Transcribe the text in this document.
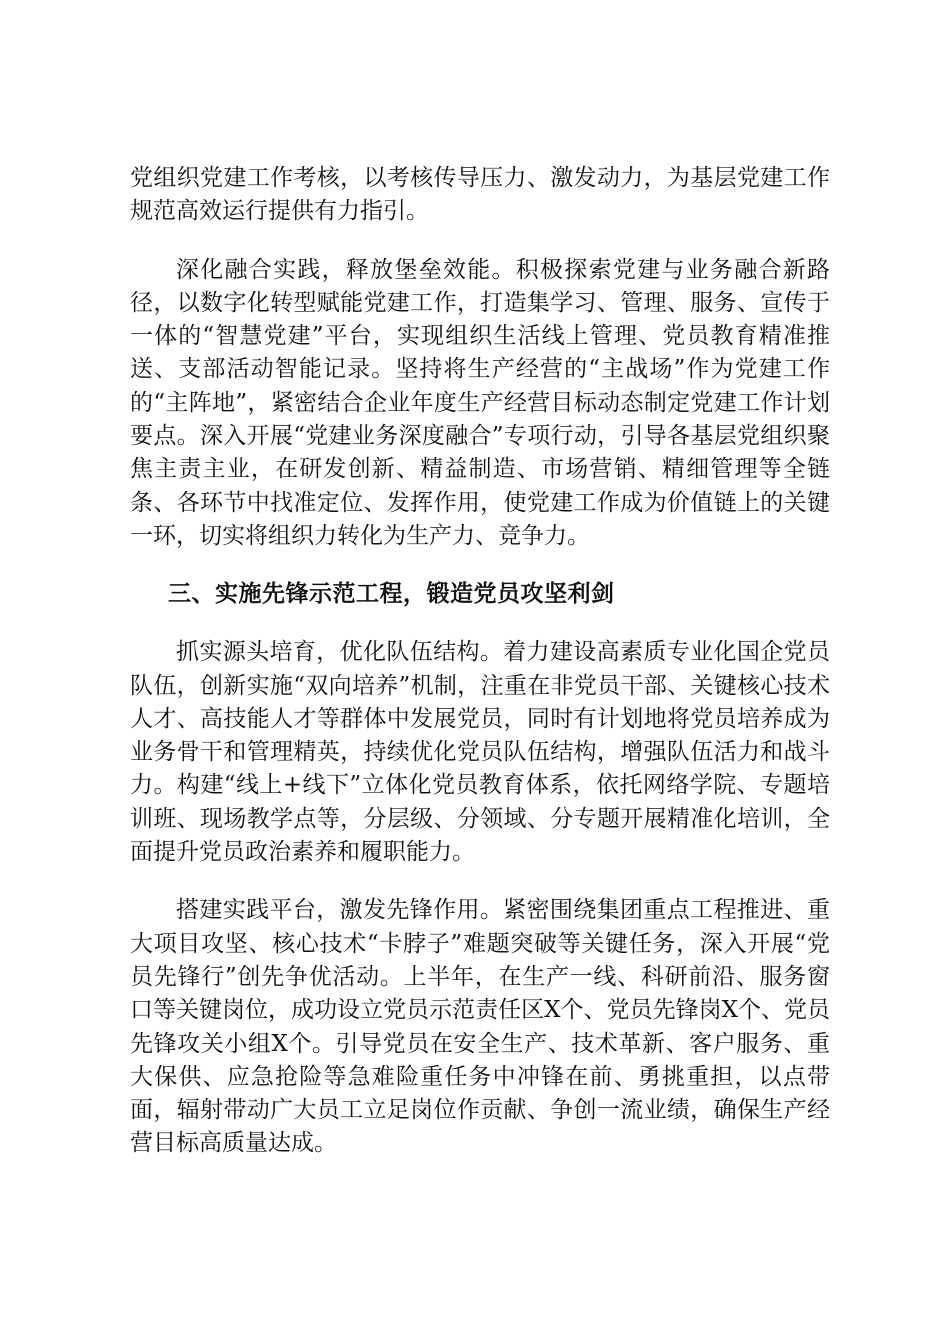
党组织党建工作考核，以考核传导压力、激发动力，为基层党建工作规范高效运行提供有力指引。

深化融合实践，释放堡垒效能。积极探索党建与业务融合新路径，以数字化转型赋能党建工作，打造集学习、管理、服务、宣传于一体的“智慧党建”平台，实现组织生活线上管理、党员教育精准推送、支部活动智能记录。坚持将生产经营的“主战场”作为党建工作的“主阵地”，紧密结合企业年度生产经营目标动态制定党建工作计划要点。深入开展“党建业务深度融合”专项行动，引导各基层党组织聚焦主责主业，在研发创新、精益制造、市场营销、精细管理等全链条、各环节中找准定位、发挥作用，使党建工作成为价值链上的关键一环，切实将组织力转化为生产力、竞争力。

三、实施先锋示范工程，锻造党员攻坚利剑

抓实源头培育，优化队伍结构。着力建设高素质专业化国企党员队伍，创新实施“双向培养”机制，注重在非党员干部、关键核心技术人才、高技能人才等群体中发展党员，同时有计划地将党员培养成为业务骨干和管理精英，持续优化党员队伍结构，增强队伍活力和战斗力。构建“线上+线下”立体化党员教育体系，依托网络学院、专题培训班、现场教学点等，分层级、分领域、分专题开展精准化培训，全面提升党员政治素养和履职能力。

搭建实践平台，激发先锋作用。紧密围绕集团重点工程推进、重大项目攻坚、核心技术“卡脖子”难题突破等关键任务，深入开展“党员先锋行”创先争优活动。上半年，在生产一线、科研前沿、服务窗口等关键岗位，成功设立党员示范责任区X个、党员先锋岗X个、党员先锋攻关小组X个。引导党员在安全生产、技术革新、客户服务、重大保供、应急抢险等急难险重任务中冲锋在前、勇挑重担，以点带面，辐射带动广大员工立足岗位作贡献、争创一流业绩，确保生产经营目标高质量达成。
